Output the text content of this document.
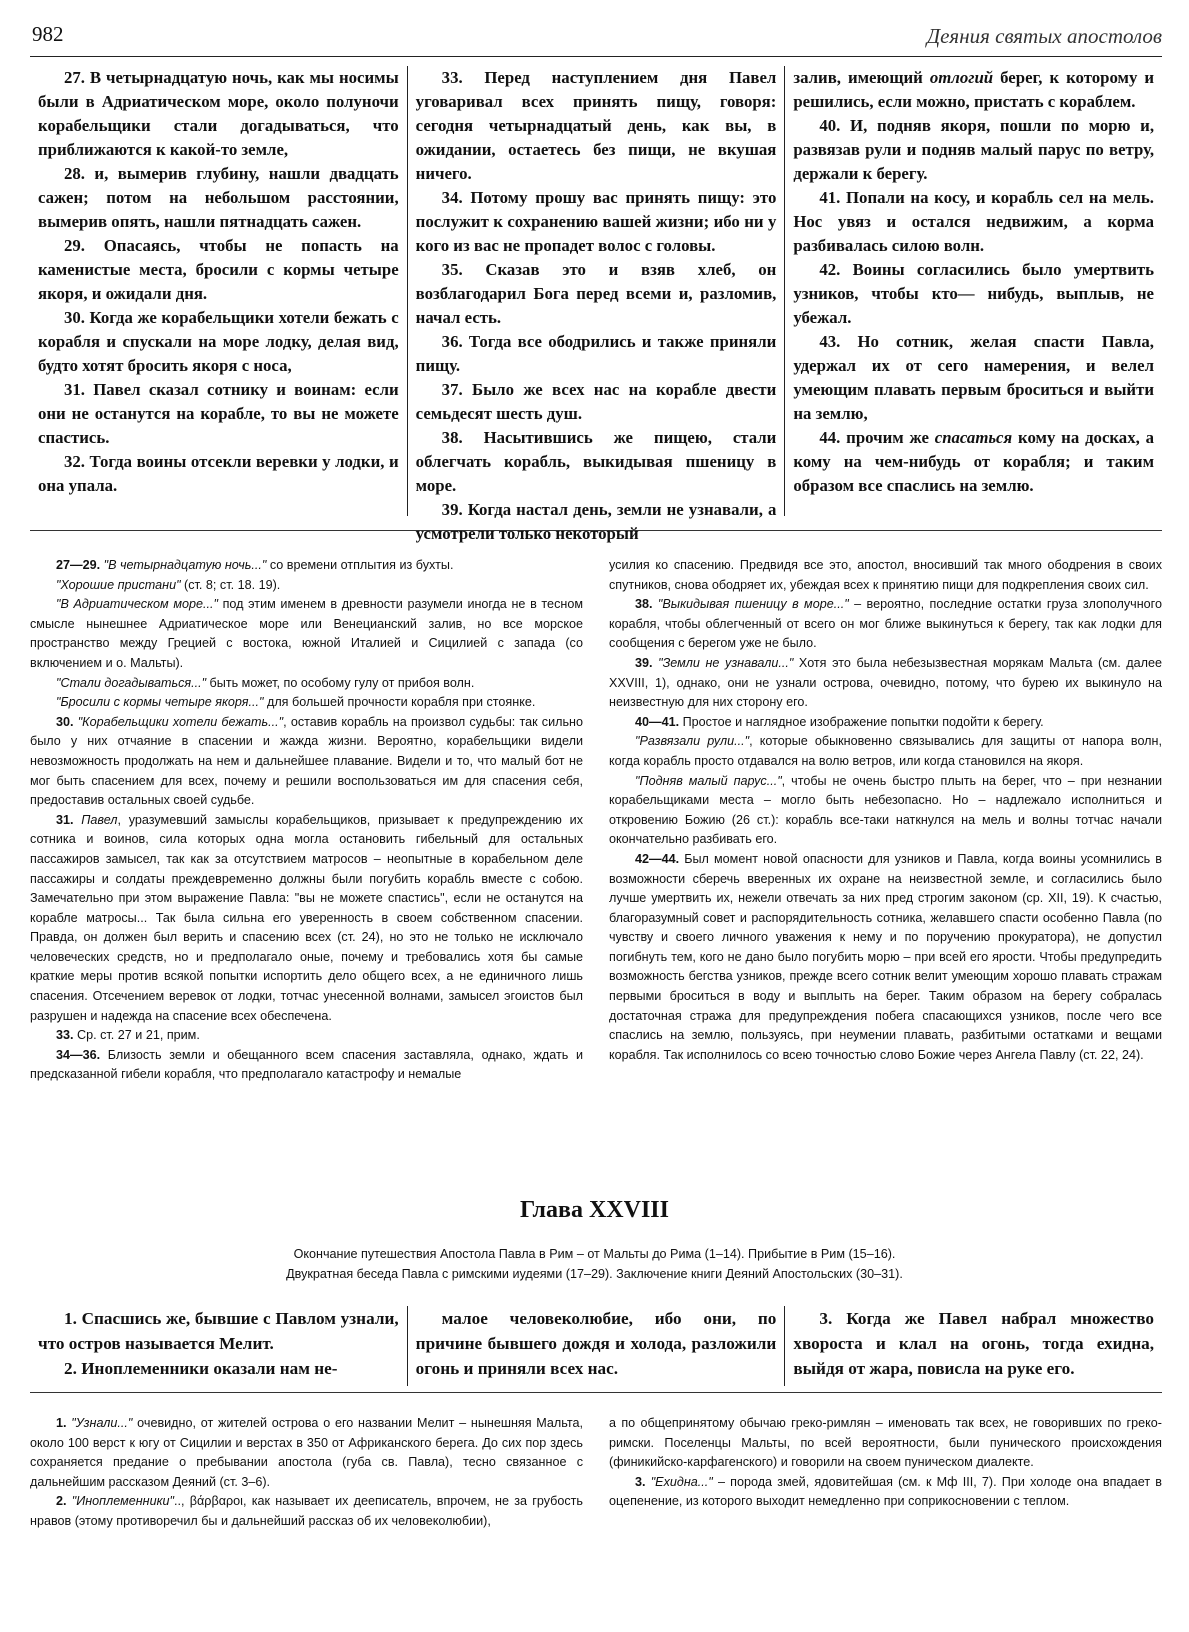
982	Деяния святых апостолов

27. В четырнадцатую ночь, как мы носимы были в Адриатическом море, около полуночи корабельщики стали догадываться, что приближаются к какой-то земле,

28. и, вымерив глубину, нашли двадцать сажен; потом на небольшом расстоянии, вымерив опять, нашли пятнадцать сажен.

29. Опасаясь, чтобы не попасть на каменистые места, бросили с кормы четыре якоря, и ожидали дня.

30. Когда же корабельщики хотели бежать с корабля и спускали на море лодку, делая вид, будто хотят бросить якоря с носа,

31. Павел сказал сотнику и воинам: если они не останутся на корабле, то вы не можете спастись.

32. Тогда воины отсекли веревки у лодки, и она упала.

33. Перед наступлением дня Павел уговаривал всех принять пищу, говоря: сегодня четырнадцатый день, как вы, в ожидании, остаетесь без пищи, не вкушая ничего.

34. Потому прошу вас принять пищу: это послужит к сохранению вашей жизни; ибо ни у кого из вас не пропадет волос с головы.

35. Сказав это и взяв хлеб, он возблагодарил Бога перед всеми и, разломив, начал есть.

36. Тогда все ободрились и также приняли пищу.

37. Было же всех нас на корабле двести семьдесят шесть душ.

38. Насытившись же пищею, стали облегчать корабль, выкидывая пшеницу в море.

39. Когда настал день, земли не узнавали, а усмотрели только некоторый

залив, имеющий отлогий берег, к которому и решились, если можно, пристать с кораблем.

40. И, подняв якоря, пошли по морю и, развязав рули и подняв малый парус по ветру, держали к берегу.

41. Попали на косу, и корабль сел на мель. Нос увяз и остался недвижим, а корма разбивалась силою волн.

42. Воины согласились было умертвить узников, чтобы кто— нибудь, выплыв, не убежал.

43. Но сотник, желая спасти Павла, удержал их от сего намерения, и велел умеющим плавать первым броситься и выйти на землю,

44. прочим же спасаться кому на досках, а кому на чем-нибудь от корабля; и таким образом все спаслись на землю.

27—29. "В четырнадцатую ночь..." со времени отплытия из бухты.

"Хорошие пристани" (ст. 8; ст. 18. 19).

"В Адриатическом море..." под этим именем в древности разумели иногда не в тесном смысле нынешнее Адриатическое море или Венецианский залив, но все морское пространство между Грецией с востока, южной Италией и Сицилией с запада (со включением и о. Мальты).

"Стали догадываться..." быть может, по особому гулу от прибоя волн.

"Бросили с кормы четыре якоря..." для большей прочности корабля при стоянке.

30. "Корабельщики хотели бежать...", оставив корабль на произвол судьбы: так сильно было у них отчаяние в спасении и жажда жизни. Вероятно, корабельщики видели невозможность продолжать на нем и дальнейшее плавание. Видели и то, что малый бот не мог быть спасением для всех, почему и решили воспользоваться им для спасения себя, предоставив остальных своей судьбе.

31. Павел, уразумевший замыслы корабельщиков, призывает к предупреждению их сотника и воинов, сила которых одна могла остановить гибельный для остальных пассажиров замысел, так как за отсутствием матросов – неопытные в корабельном деле пассажиры и солдаты преждевременно должны были погубить корабль вместе с собою. Замечательно при этом выражение Павла: "вы не можете спастись", если не останутся на корабле матросы... Так была сильна его уверенность в своем собственном спасении. Правда, он должен был верить и спасению всех (ст. 24), но это не только не исключало человеческих средств, но и предполагало оные, почему и требовались хотя бы самые краткие меры против всякой попытки испортить дело общего всех, а не единичного лишь спасения. Отсечением веревок от лодки, тотчас унесенной волнами, замысел эгоистов был разрушен и надежда на спасение всех обеспечена.

33. Ср. ст. 27 и 21, прим.

34—36. Близость земли и обещанного всем спасения заставляла, однако, ждать и предсказанной гибели корабля, что предполагало катастрофу и немалые

усилия ко спасению. Предвидя все это, апостол, вносивший так много ободрения в своих спутников, снова ободряет их, убеждая всех к принятию пищи для подкрепления своих сил.

38. "Выкидывая пшеницу в море..." – вероятно, последние остатки груза злополучного корабля, чтобы облегченный от всего он мог ближе выкинуться к берегу, так как лодки для сообщения с берегом уже не было.

39. "Земли не узнавали..." Хотя это была небезызвестная морякам Мальта (см. далее XXVIII, 1), однако, они не узнали острова, очевидно, потому, что бурею их выкинуло на неизвестную для них сторону его.

40—41. Простое и наглядное изображение попытки подойти к берегу.

"Развязали рули...", которые обыкновенно связывались для защиты от напора волн, когда корабль просто отдавался на волю ветров, или когда становился на якоря.

"Подняв малый парус...", чтобы не очень быстро плыть на берег, что – при незнании корабельщиками места – могло быть небезопасно. Но – надлежало исполниться и откровению Божию (26 ст.): корабль все-таки наткнулся на мель и волны тотчас начали окончательно разбивать его.

42—44. Был момент новой опасности для узников и Павла, когда воины усомнились в возможности сберечь вверенных их охране на неизвестной земле, и согласились было лучше умертвить их, нежели отвечать за них пред строгим законом (ср. XII, 19). К счастью, благоразумный совет и распорядительность сотника, желавшего спасти особенно Павла (по чувству и своего личного уважения к нему и по поручению прокуратора), не допустил погибнуть тем, кого не дано было погубить морю – при всей его ярости. Чтобы предупредить возможность бегства узников, прежде всего сотник велит умеющим хорошо плавать стражам первыми броситься в воду и выплыть на берег. Таким образом на берегу собралась достаточная стража для предупреждения побега спасающихся узников, после чего все спаслись на землю, пользуясь, при неумении плавать, разбитыми остатками и вещами корабля. Так исполнилось со всею точностью слово Божие через Ангела Павлу (ст. 22, 24).

Глава XXVIII

Окончание путешествия Апостола Павла в Рим – от Мальты до Рима (1–14). Прибытие в Рим (15–16).

Двукратная беседа Павла с римскими иудеями (17–29). Заключение книги Деяний Апостольских (30–31).

1. Спасшись же, бывшие с Павлом узнали, что остров называется Мелит.

2. Иноплеменники оказали нам не-

малое человеколюбие, ибо они, по причине бывшего дождя и холода, разложили огонь и приняли всех нас.

3. Когда же Павел набрал множество хвороста и клал на огонь, тогда ехидна, выйдя от жара, повисла на руке его.

1. "Узнали..." очевидно, от жителей острова о его названии Мелит – нынешняя Мальта, около 100 верст к югу от Сицилии и верстах в 350 от Африканского берега. До сих пор здесь сохраняется предание о пребывании апостола (губа св. Павла), тесно связанное с дальнейшим рассказом Деяний (ст. 3–6).

2. "Иноплеменники".., βάρβαροι, как называет их дееписатель, впрочем, не за грубость нравов (этому противоречил бы и дальнейший рассказ об их человеколюбии),

а по общепринятому обычаю греко-римлян – именовать так всех, не говоривших по греко-римски. Поселенцы Мальты, по всей вероятности, были пунического происхождения (финикийско-карфагенского) и говорили на своем пуническом диалекте.

3. "Ехидна..." – порода змей, ядовитейшая (см. к Мф III, 7). При холоде она впадает в оцепенение, из которого выходит немедленно при соприкосновении с теплом.
